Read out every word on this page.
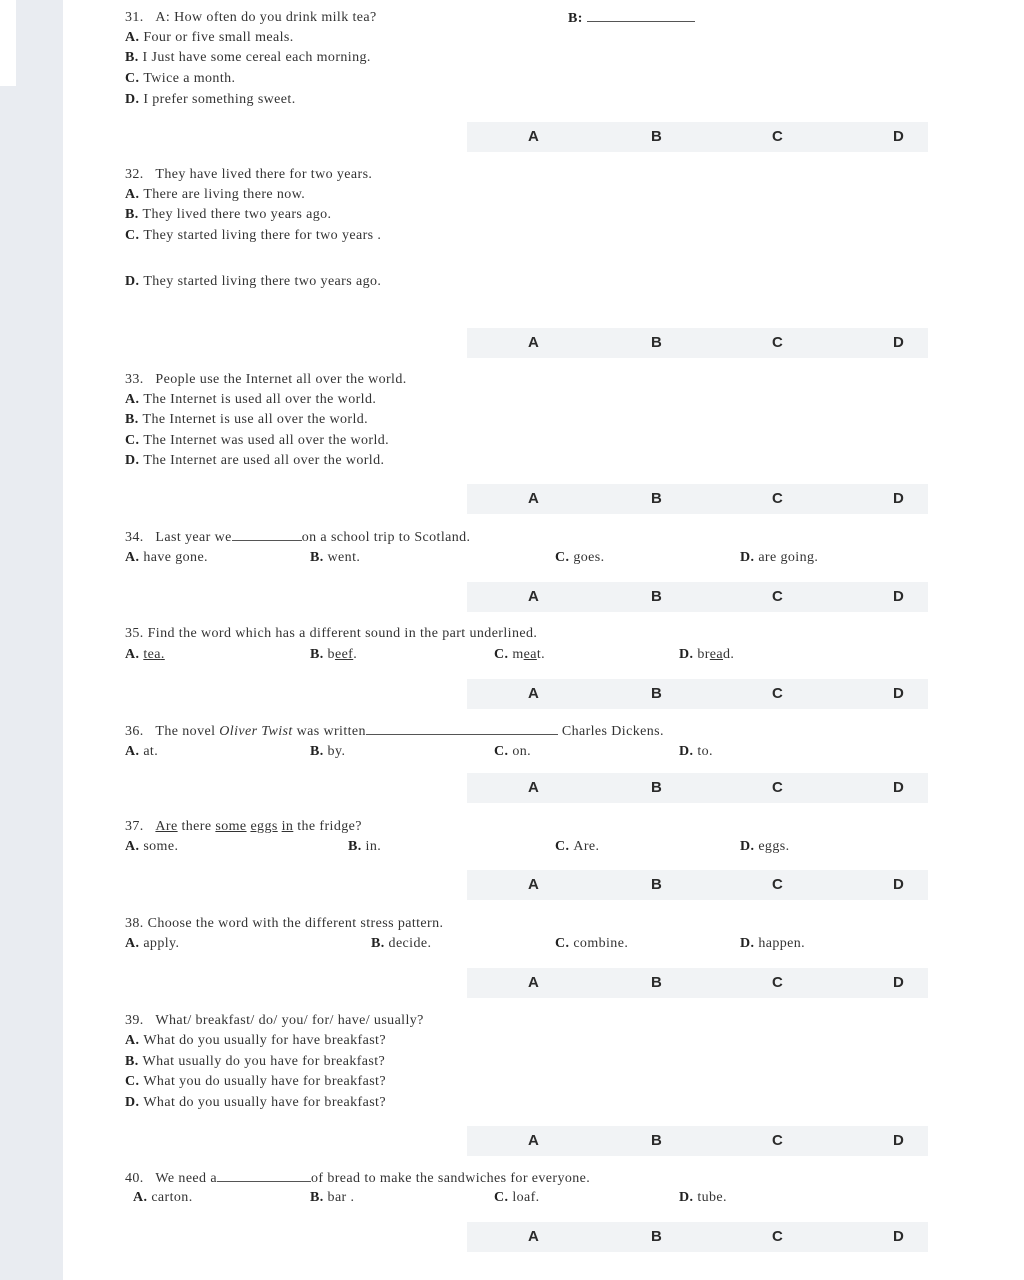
31. A: How often do you drink milk tea?	B:
A. Four or five small meals.
B. I Just have some cereal each morning.
C. Twice a month.
D. I prefer something sweet.
A	B	C	D
32. They have lived there for two years.
A. There are living there now.
B. They lived there two years ago.
C. They started living there for two years .
D. They started living there two years ago.
A	B	C	D
33. People use the Internet all over the world.
A. The Internet is used all over the world.
B. The Internet is use all over the world.
C. The Internet was used all over the world.
D. The Internet are used all over the world.
A	B	C	D
34. Last year we	on a school trip to Scotland.
A. have gone.	B. went.	C. goes.	D. are going.
A	B	C	D
35. Find the word which has a different sound in the part underlined.
A. tea.	B. beef.	C. meat.	D. bread.
A	B	C	D
36. The novel Oliver Twist was written	Charles Dickens.
A. at.	B. by.	C. on.	D. to.
A	B	C	D
37. Are there some eggs in the fridge?
A. some.	B. in.	C. Are.	D. eggs.
A	B	C	D
38. Choose the word with the different stress pattern.
A. apply.	B. decide.	C. combine.	D. happen.
A	B	C	D
39. What/ breakfast/ do/ you/ for/ have/ usually?
A. What do you usually for have breakfast?
B. What usually do you have for breakfast?
C. What you do usually have for breakfast?
D. What do you usually have for breakfast?
A	B	C	D
40. We need a	of bread to make the sandwiches for everyone.
A. carton.	B. bar .	C. loaf.	D. tube.
A	B	C	D
